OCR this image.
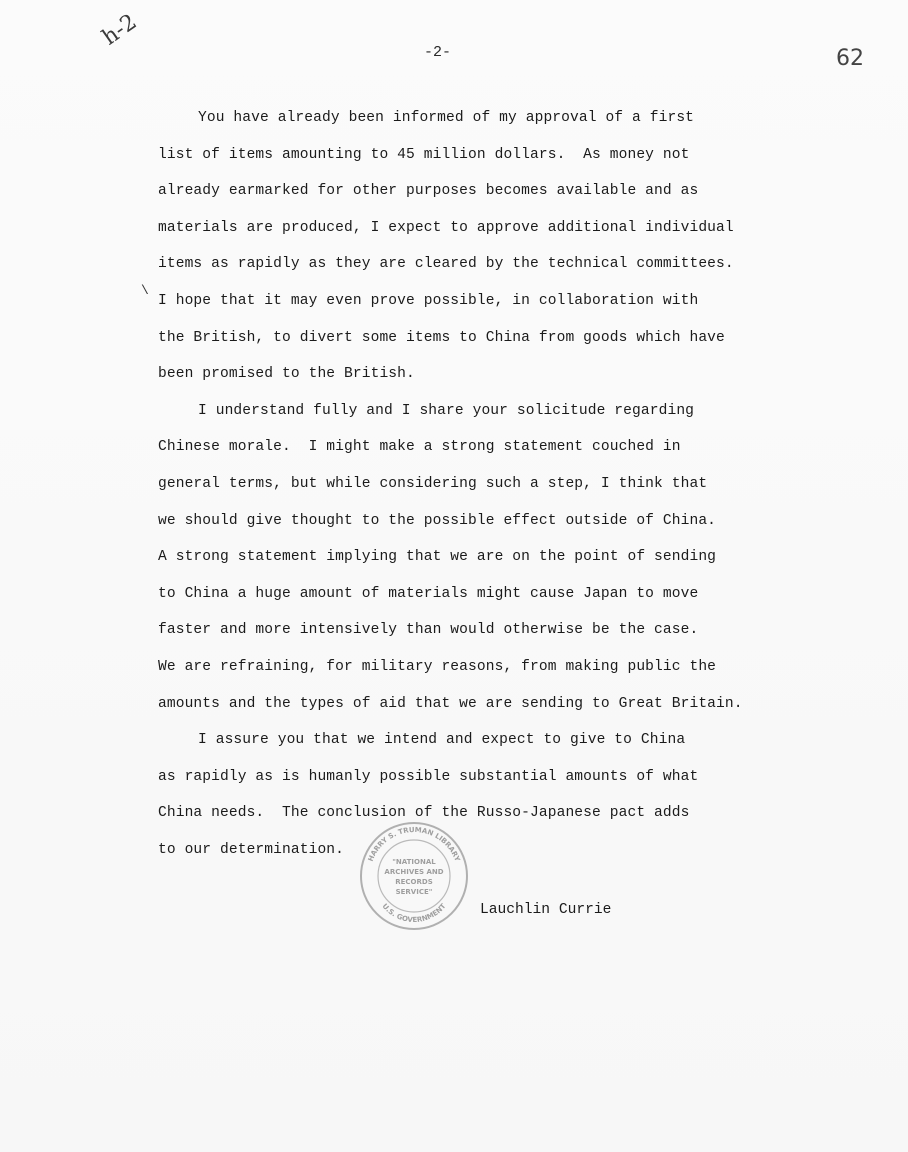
h-2
-2-	62
\
You have already been informed of my approval of a first
list of items amounting to 45 million dollars.  As money not
already earmarked for other purposes becomes available and as
materials are produced, I expect to approve additional individual
items as rapidly as they are cleared by the technical committees.
I hope that it may even prove possible, in collaboration with
the British, to divert some items to China from goods which have
been promised to the British.
I understand fully and I share your solicitude regarding
Chinese morale.  I might make a strong statement couched in
general terms, but while considering such a step, I think that
we should give thought to the possible effect outside of China.
A strong statement implying that we are on the point of sending
to China a huge amount of materials might cause Japan to move
faster and more intensively than would otherwise be the case.
We are refraining, for military reasons, from making public the
amounts and the types of aid that we are sending to Great Britain.
I assure you that we intend and expect to give to China
as rapidly as is humanly possible substantial amounts of what
China needs.  The conclusion of the Russo-Japanese pact adds
to our determination.
HARRY S. TRUMAN LIBRARY
U.S. GOVERNMENT
"NATIONAL
ARCHIVES AND
RECORDS
SERVICE"
Lauchlin Currie
